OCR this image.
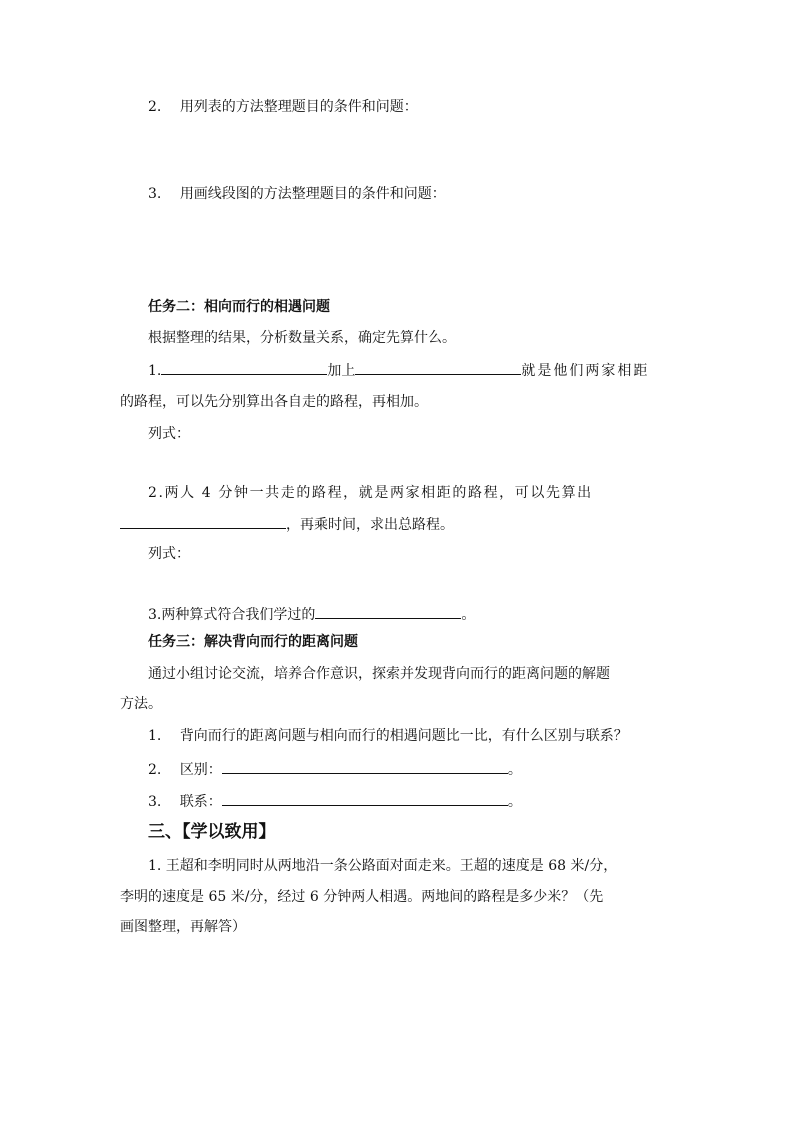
2. 用列表的方法整理题目的条件和问题：
3. 用画线段图的方法整理题目的条件和问题：
任务二：相向而行的相遇问题
根据整理的结果，分析数量关系，确定先算什么。
1.	加上	就是他们两家相距
的路程，可以先分别算出各自走的路程，再相加。
列式：
2.两人 4 分钟一共走的路程，就是两家相距的路程，可以先算出
，再乘时间，求出总路程。
列式：
3.两种算式符合我们学过的	。
任务三：解决背向而行的距离问题
通过小组讨论交流，培养合作意识，探索并发现背向而行的距离问题的解题
方法。
1. 背向而行的距离问题与相向而行的相遇问题比一比，有什么区别与联系？
2. 区别：	。
3. 联系：	。
三、【学以致用】
1. 王超和李明同时从两地沿一条公路面对面走来。王超的速度是 68 米/分，
李明的速度是 65 米/分，经过 6 分钟两人相遇。两地间的路程是多少米？（先
画图整理，再解答）
